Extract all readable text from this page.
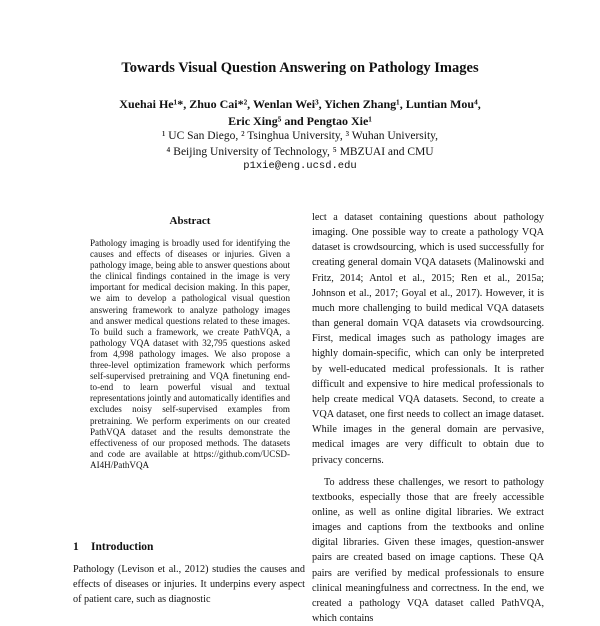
Towards Visual Question Answering on Pathology Images
Xuehai He¹*, Zhuo Cai*², Wenlan Wei³, Yichen Zhang¹, Luntian Mou⁴,
Eric Xing⁵ and Pengtao Xie¹
¹ UC San Diego, ² Tsinghua University, ³ Wuhan University,
⁴ Beijing University of Technology, ⁵ MBZUAI and CMU
p1xie@eng.ucsd.edu
Abstract

Pathology imaging is broadly used for identifying the causes and effects of diseases or injuries. Given a pathology image, being able to answer questions about the clinical findings contained in the image is very important for medical decision making. In this paper, we aim to develop a pathological visual question answering framework to analyze pathology images and answer medical questions related to these images. To build such a framework, we create PathVQA, a pathology VQA dataset with 32,795 questions asked from 4,998 pathology images. We also propose a three-level optimization framework which performs self-supervised pretraining and VQA finetuning end-to-end to learn powerful visual and textual representations jointly and automatically identifies and excludes noisy self-supervised examples from pretraining. We perform experiments on our created PathVQA dataset and the results demonstrate the effectiveness of our proposed methods. The datasets and code are available at https://github.com/UCSD-AI4H/PathVQA

1 Introduction

Pathology (Levison et al., 2012) studies the causes and effects of diseases or injuries. It underpins every aspect of patient care, such as diagnostic

lect a dataset containing questions about pathology imaging. One possible way to create a pathology VQA dataset is crowdsourcing, which is used successfully for creating general domain VQA datasets (Malinowski and Fritz, 2014; Antol et al., 2015; Ren et al., 2015a; Johnson et al., 2017; Goyal et al., 2017). However, it is much more challenging to build medical VQA datasets than general domain VQA datasets via crowdsourcing. First, medical images such as pathology images are highly domain-specific, which can only be interpreted by well-educated medical professionals. It is rather difficult and expensive to hire medical professionals to help create medical VQA datasets. Second, to create a VQA dataset, one first needs to collect an image dataset. While images in the general domain are pervasive, medical images are very difficult to obtain due to privacy concerns.

To address these challenges, we resort to pathology textbooks, especially those that are freely accessible online, as well as online digital libraries. We extract images and captions from the textbooks and online digital libraries. Given these images, question-answer pairs are created based on image captions. These QA pairs are verified by medical professionals to ensure clinical meaningfulness and correctness. In the end, we created a pathology VQA dataset called PathVQA, which contains
